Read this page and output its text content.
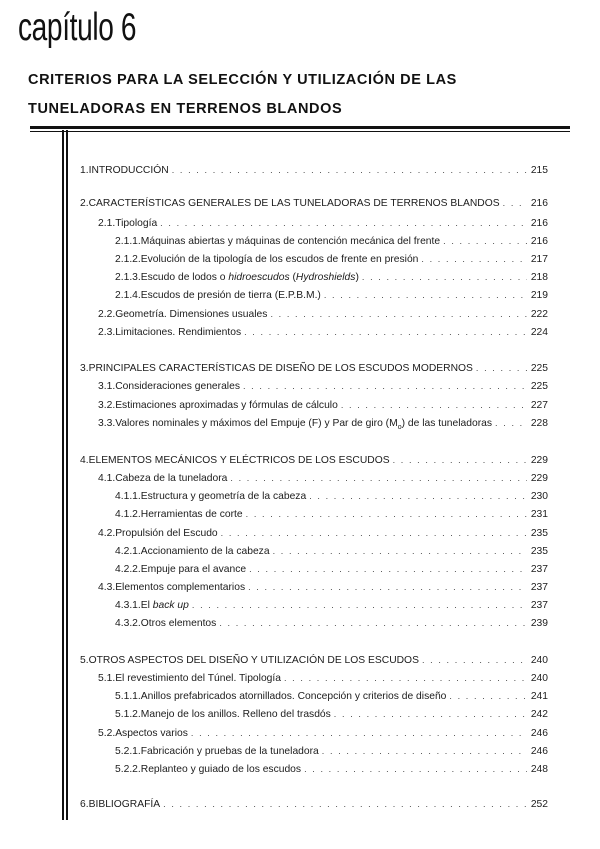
capítulo 6
CRITERIOS PARA LA SELECCIÓN Y UTILIZACIÓN DE LAS
TUNELADORAS EN TERRENOS BLANDOS
1. INTRODUCCIÓN . . .	215
2. CARACTERÍSTICAS GENERALES DE LAS TUNELADORAS DE TERRENOS BLANDOS . . .	216
2.1. Tipología . . .	216
2.1.1. Máquinas abiertas y máquinas de contención mecánica del frente . . .	216
2.1.2. Evolución de la tipología de los escudos de frente en presión . . .	217
2.1.3. Escudo de lodos o hidroescudos (Hydroshields) . . .	218
2.1.4. Escudos de presión de tierra (E.P.B.M.) . . .	219
2.2. Geometría. Dimensiones usuales . . .	222
2.3. Limitaciones. Rendimientos . . .	224
3. PRINCIPALES CARACTERÍSTICAS DE DISEÑO DE LOS ESCUDOS MODERNOS . . .	225
3.1. Consideraciones generales . . .	225
3.2. Estimaciones aproximadas y fórmulas de cálculo . . .	227
3.3. Valores nominales y máximos del Empuje (F) y Par de giro $(M_o)$ de las tuneladoras . . .	228
4. ELEMENTOS MECÁNICOS Y ELÉCTRICOS DE LOS ESCUDOS . . .	229
4.1. Cabeza de la tuneladora . . .	229
4.1.1. Estructura y geometría de la cabeza . . .	230
4.1.2. Herramientas de corte . . .	231
4.2. Propulsión del Escudo . . .	235
4.2.1. Accionamiento de la cabeza . . .	235
4.2.2. Empuje para el avance . . .	237
4.3. Elementos complementarios . . .	237
4.3.1. El back up . . .	237
4.3.2. Otros elementos . . .	239
5. OTROS ASPECTOS DEL DISEÑO Y UTILIZACIÓN DE LOS ESCUDOS . . .	240
5.1. El revestimiento del Túnel. Tipología . . .	240
5.1.1. Anillos prefabricados atornillados. Concepción y criterios de diseño . . .	241
5.1.2. Manejo de los anillos. Relleno del trasdós . . .	242
5.2. Aspectos varios . . .	246
5.2.1. Fabricación y pruebas de la tuneladora . . .	246
5.2.2. Replanteo y guiado de los escudos . . .	248
6. BIBLIOGRAFÍA . . .	252
